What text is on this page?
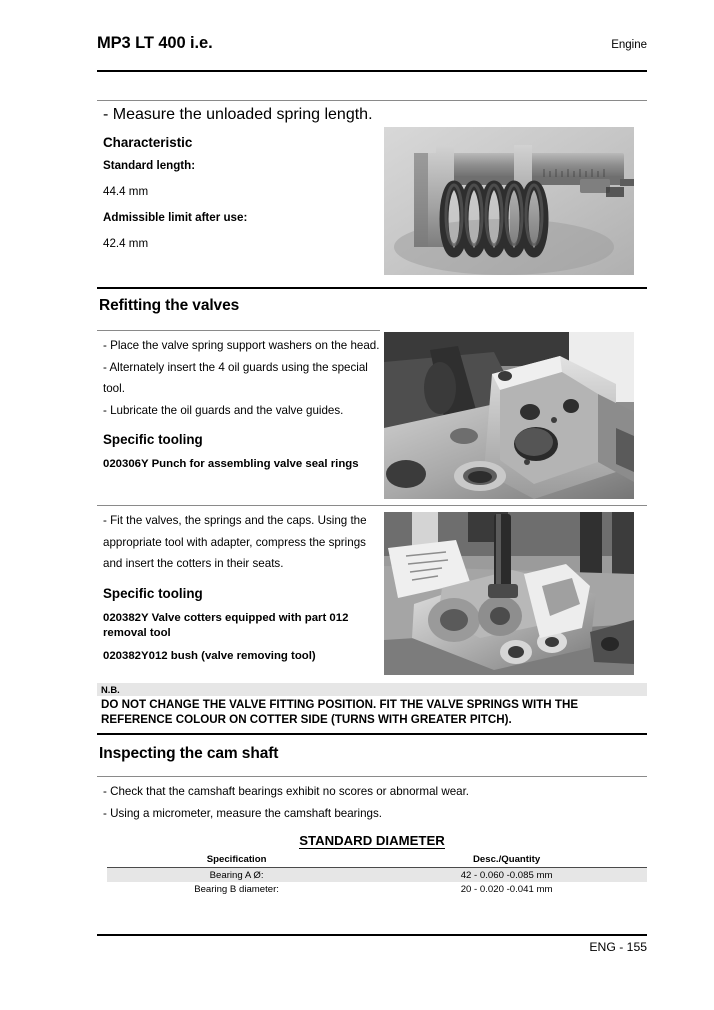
MP3 LT 400 i.e.	Engine
- Measure the unloaded spring length.

Characteristic

Standard length:

44.4 mm

Admissible limit after use:

42.4 mm

Refitting the valves

- Place the valve spring support washers on the head.

- Alternately insert the 4 oil guards using the special tool.

- Lubricate the oil guards and the valve guides.

Specific tooling

020306Y Punch for assembling valve seal rings

- Fit the valves, the springs and the caps. Using the appropriate tool with adapter, compress the springs and insert the cotters in their seats.

Specific tooling

020382Y Valve cotters equipped with part 012 removal tool

020382Y012 bush (valve removing tool)

N.B.
DO NOT CHANGE THE VALVE FITTING POSITION. FIT THE VALVE SPRINGS WITH THE REFERENCE COLOUR ON COTTER SIDE (TURNS WITH GREATER PITCH).
Inspecting the cam shaft

- Check that the camshaft bearings exhibit no scores or abnormal wear.

- Using a micrometer, measure the camshaft bearings.

STANDARD DIAMETER
Specification	Desc./Quantity
Bearing A Ø:	42 - 0.060 -0.085 mm
Bearing B diameter:	20 - 0.020 -0.041 mm
ENG - 155
